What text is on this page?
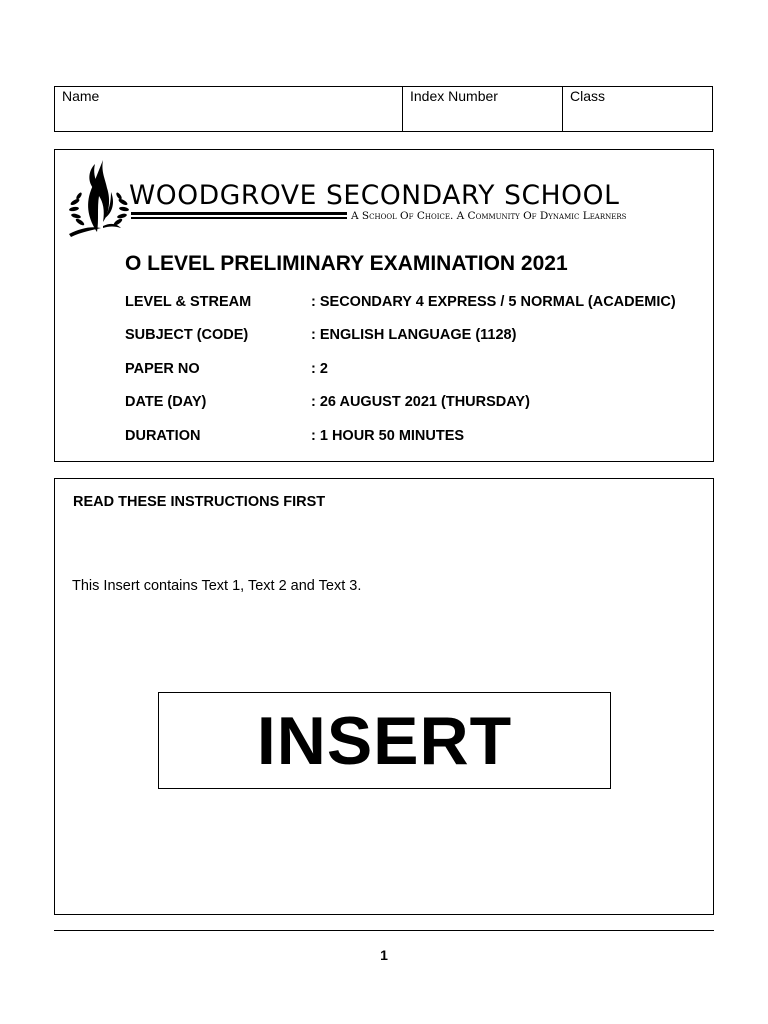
Name	Index Number	Class
WOODGROVE SECONDARY SCHOOL
A School Of Choice. A Community Of Dynamic Learners
O LEVEL PRELIMINARY EXAMINATION 2021
LEVEL & STREAM	: SECONDARY 4 EXPRESS / 5 NORMAL (ACADEMIC)
SUBJECT (CODE)	: ENGLISH LANGUAGE (1128)
PAPER NO	: 2
DATE (DAY)	: 26 AUGUST 2021 (THURSDAY)
DURATION	: 1 HOUR 50 MINUTES
READ THESE INSTRUCTIONS FIRST
This Insert contains Text 1, Text 2 and Text 3.
INSERT
1
